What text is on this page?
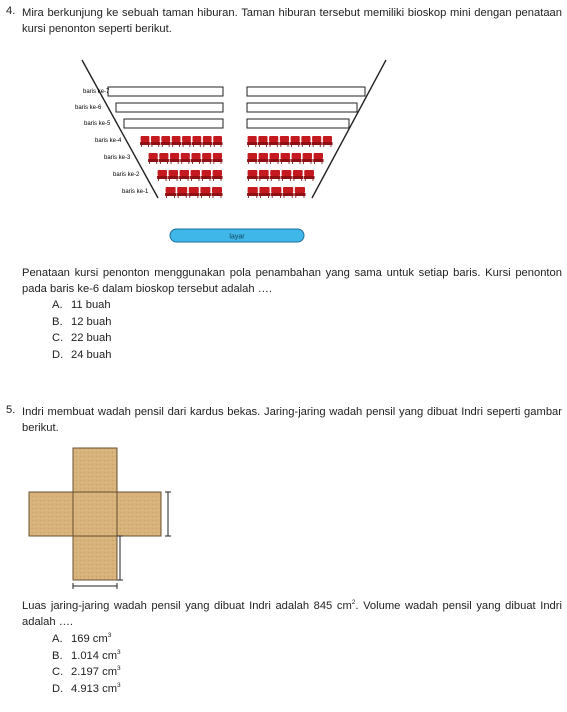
4. Mira berkunjung ke sebuah taman hiburan. Taman hiburan tersebut memiliki bioskop mini dengan penataan kursi penonton seperti berikut.
baris ke-7
baris ke-6
baris ke-5
baris ke-4
baris ke-3
baris ke-2
baris ke-1
layar
Penataan kursi penonton menggunakan pola penambahan yang sama untuk setiap baris. Kursi penonton pada baris ke-6 dalam bioskop tersebut adalah ….
A. 11 buah
B. 12 buah
C. 22 buah
D. 24 buah
5. Indri membuat wadah pensil dari kardus bekas. Jaring-jaring wadah pensil yang dibuat Indri seperti gambar berikut.
Luas jaring-jaring wadah pensil yang dibuat Indri adalah 845 $cm^2$. Volume wadah pensil yang dibuat Indri adalah ….
A. 169 $cm^3$
B. 1.014 $cm^3$
C. 2.197 $cm^3$
D. 4.913 $cm^3$
